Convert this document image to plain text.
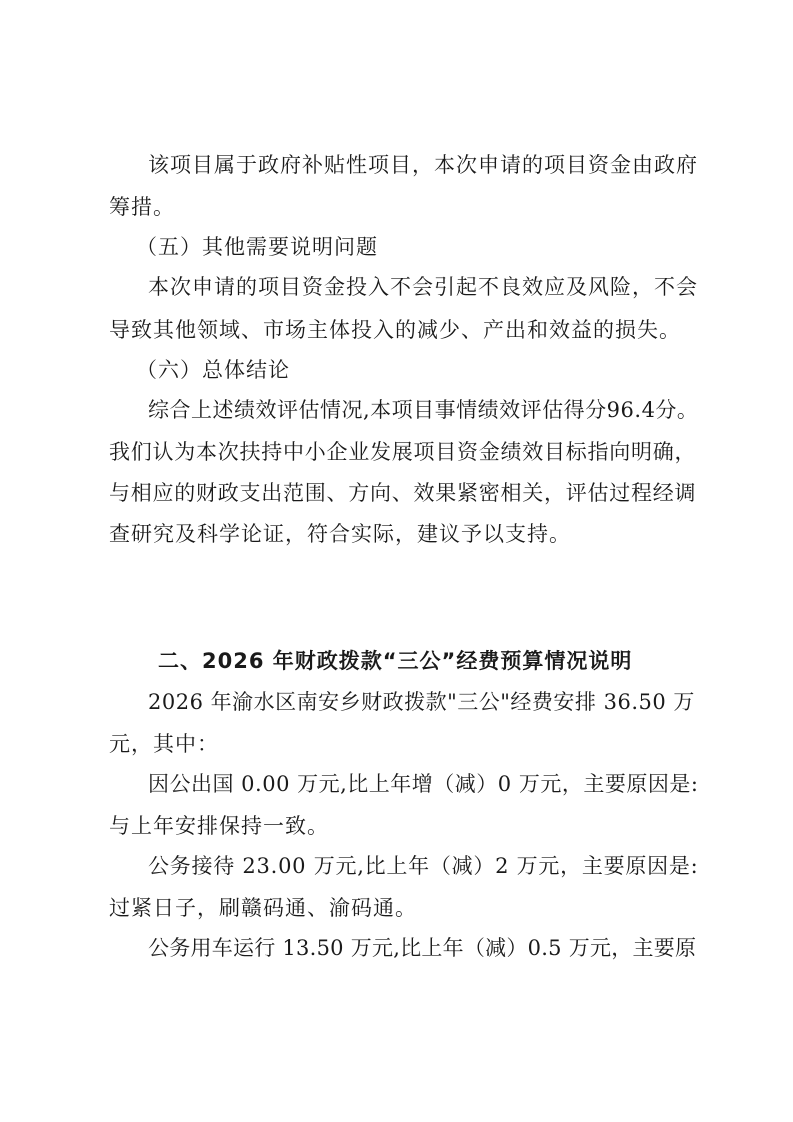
该项目属于政府补贴性项目，本次申请的项目资金由政府
筹措。
（五）其他需要说明问题
本次申请的项目资金投入不会引起不良效应及风险，不会
导致其他领域、市场主体投入的减少、产出和效益的损失。
（六）总体结论
综合上述绩效评估情况,本项目事情绩效评估得分96.4分。
我们认为本次扶持中小企业发展项目资金绩效目标指向明确，
与相应的财政支出范围、方向、效果紧密相关，评估过程经调
查研究及科学论证，符合实际，建议予以支持。
二、2026 年财政拨款“三公”经费预算情况说明
2026 年渝水区南安乡财政拨款"三公"经费安排 36.50 万
元，其中：
因公出国 0.00 万元,比上年增（减）0 万元，主要原因是:
与上年安排保持一致。
公务接待 23.00 万元,比上年（减）2 万元，主要原因是:
过紧日子，刷赣码通、渝码通。
公务用车运行 13.50 万元,比上年（减）0.5 万元，主要原
